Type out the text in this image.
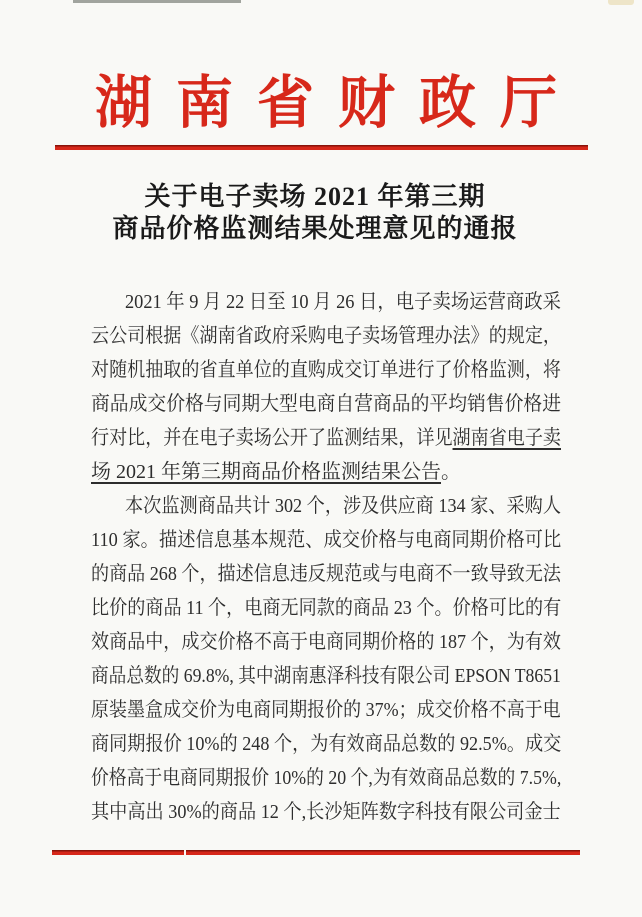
湖 南 省 财 政 厅
关于电子卖场 2021 年第三期
商品价格监测结果处理意见的通报
2021 年 9 月 22 日至 10 月 26 日，电子卖场运营商政采
云公司根据《湖南省政府采购电子卖场管理办法》的规定，
对随机抽取的省直单位的直购成交订单进行了价格监测，将
商品成交价格与同期大型电商自营商品的平均销售价格进
行对比，并在电子卖场公开了监测结果，详见湖南省电子卖
场 2021 年第三期商品价格监测结果公告。
本次监测商品共计 302 个，涉及供应商 134 家、采购人
110 家。描述信息基本规范、成交价格与电商同期价格可比
的商品 268 个，描述信息违反规范或与电商不一致导致无法
比价的商品 11 个，电商无同款的商品 23 个。价格可比的有
效商品中，成交价格不高于电商同期价格的 187 个，为有效
商品总数的 69.8%, 其中湖南惠泽科技有限公司 EPSON T8651
原装墨盒成交价为电商同期报价的 37%；成交价格不高于电
商同期报价 10%的 248 个，为有效商品总数的 92.5%。成交
价格高于电商同期报价 10%的 20 个,为有效商品总数的 7.5%,
其中高出 30%的商品 12 个,长沙矩阵数字科技有限公司金士
